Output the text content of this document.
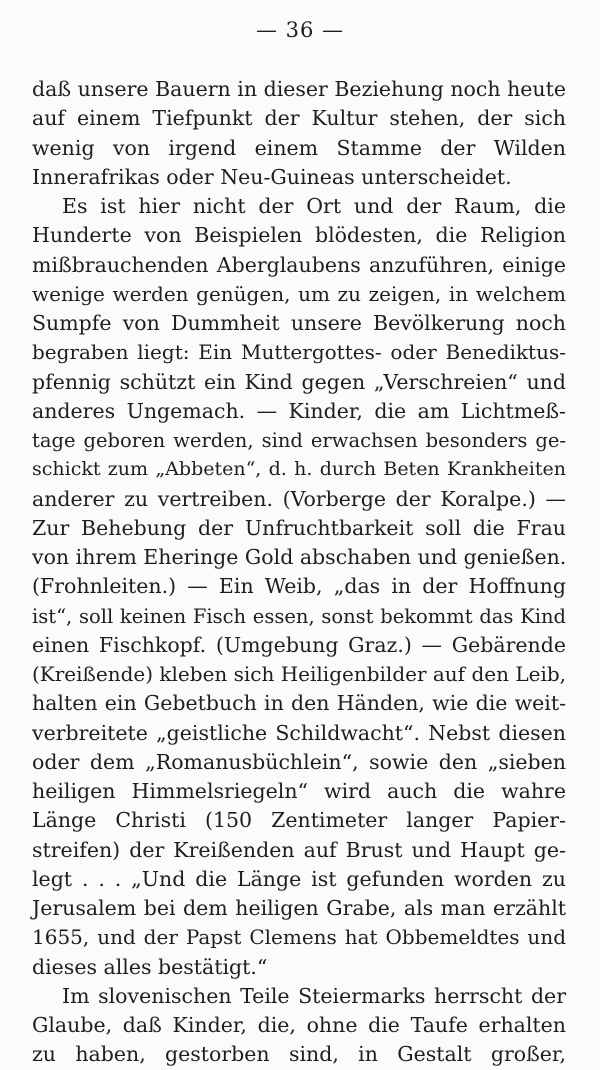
— 36 —
daß unsere Bauern in dieser Beziehung noch heute
auf einem Tiefpunkt der Kultur stehen, der sich
wenig von irgend einem Stamme der Wilden
Innerafrikas oder Neu-Guineas unterscheidet.
Es ist hier nicht der Ort und der Raum, die
Hunderte von Beispielen blödesten, die Religion
mißbrauchenden Aberglaubens anzuführen, einige
wenige werden genügen, um zu zeigen, in welchem
Sumpfe von Dummheit unsere Bevölkerung noch
begraben liegt: Ein Muttergottes- oder Benediktus-
pfennig schützt ein Kind gegen „Verschreien“ und
anderes Ungemach. — Kinder, die am Lichtmeß-
tage geboren werden, sind erwachsen besonders ge-
schickt zum „Abbeten“, d. h. durch Beten Krankheiten
anderer zu vertreiben. (Vorberge der Koralpe.) —
Zur Behebung der Unfruchtbarkeit soll die Frau
von ihrem Eheringe Gold abschaben und genießen.
(Frohnleiten.) — Ein Weib, „das in der Hoffnung
ist“, soll keinen Fisch essen, sonst bekommt das Kind
einen Fischkopf. (Umgebung Graz.) — Gebärende
(Kreißende) kleben sich Heiligenbilder auf den Leib,
halten ein Gebetbuch in den Händen, wie die weit-
verbreitete „geistliche Schildwacht“. Nebst diesen
oder dem „Romanusbüchlein“, sowie den „sieben
heiligen Himmelsriegeln“ wird auch die wahre
Länge Christi (150 Zentimeter langer Papier-
streifen) der Kreißenden auf Brust und Haupt ge-
legt . . . „Und die Länge ist gefunden worden zu
Jerusalem bei dem heiligen Grabe, als man erzählt
1655, und der Papst Clemens hat Obbemeldtes und
dieses alles bestätigt.“
Im slovenischen Teile Steiermarks herrscht der
Glaube, daß Kinder, die, ohne die Taufe erhalten
zu haben, gestorben sind, in Gestalt großer,
